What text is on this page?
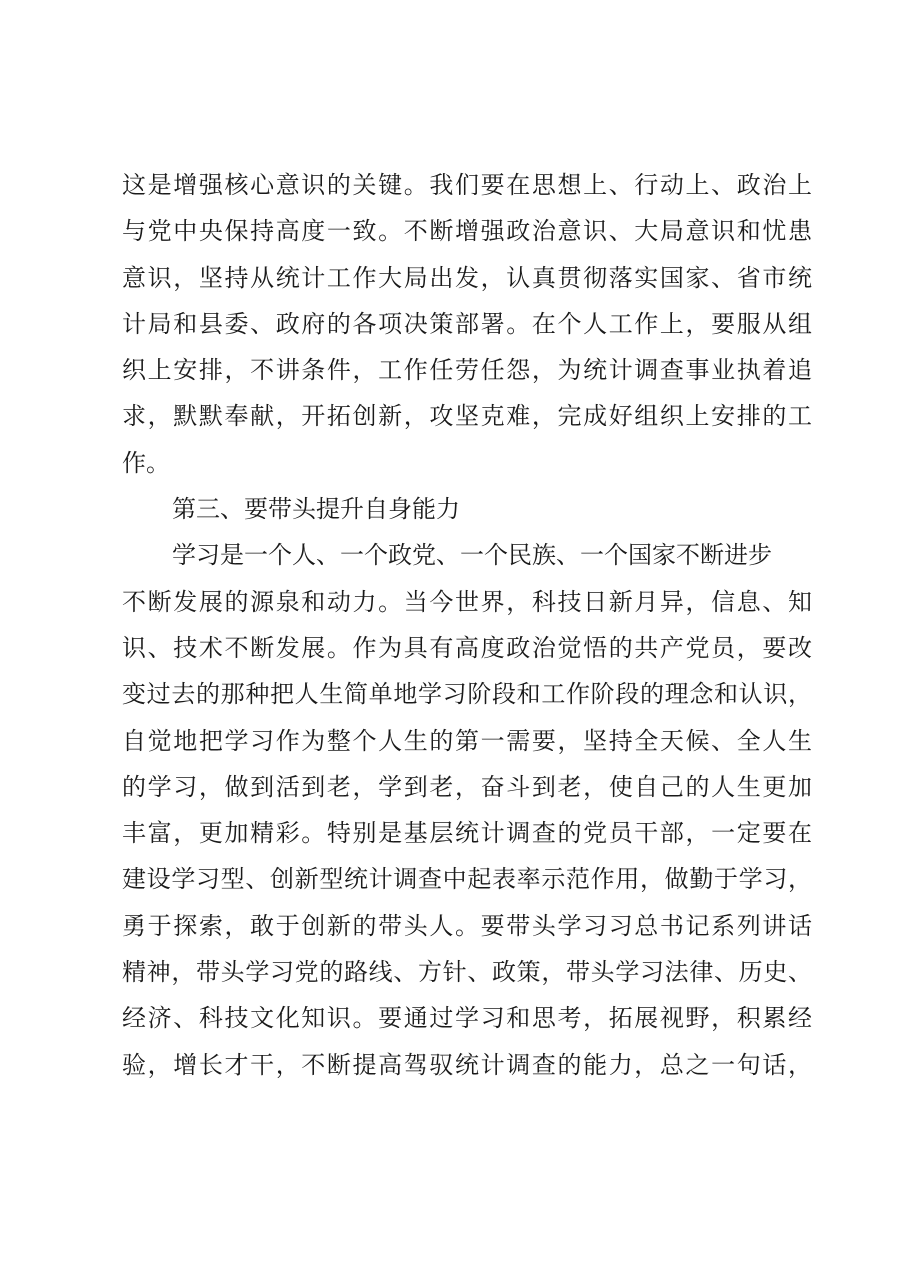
这是增强核心意识的关键。我们要在思想上、行动上、政治上
与党中央保持高度一致。不断增强政治意识、大局意识和忧患
意识，坚持从统计工作大局出发，认真贯彻落实国家、省市统
计局和县委、政府的各项决策部署。在个人工作上，要服从组
织上安排，不讲条件，工作任劳任怨，为统计调查事业执着追
求，默默奉献，开拓创新，攻坚克难，完成好组织上安排的工
作。
第三、要带头提升自身能力
学习是一个人、一个政党、一个民族、一个国家不断进步
不断发展的源泉和动力。当今世界，科技日新月异，信息、知
识、技术不断发展。作为具有高度政治觉悟的共产党员，要改
变过去的那种把人生简单地学习阶段和工作阶段的理念和认识，
自觉地把学习作为整个人生的第一需要，坚持全天候、全人生
的学习，做到活到老，学到老，奋斗到老，使自己的人生更加
丰富，更加精彩。特别是基层统计调查的党员干部，一定要在
建设学习型、创新型统计调查中起表率示范作用，做勤于学习，
勇于探索，敢于创新的带头人。要带头学习习总书记系列讲话
精神，带头学习党的路线、方针、政策，带头学习法律、历史、
经济、科技文化知识。要通过学习和思考，拓展视野，积累经
验，增长才干，不断提高驾驭统计调查的能力，总之一句话，
